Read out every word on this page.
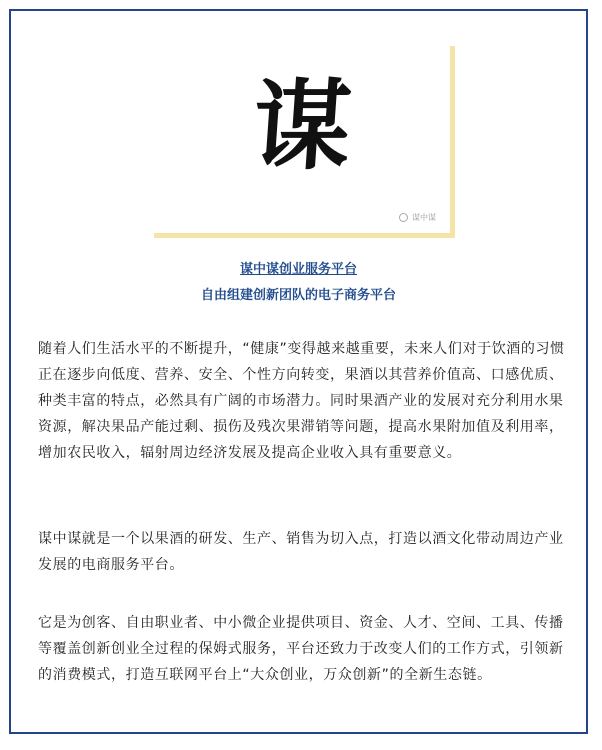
谋
谋中谋
谋中谋创业服务平台
自由组建创新团队的电子商务平台

随着人们生活水平的不断提升，“健康”变得越来越重要，未来人们对于饮酒的习惯正在逐步向低度、营养、安全、个性方向转变，果酒以其营养价值高、口感优质、种类丰富的特点，必然具有广阔的市场潜力。同时果酒产业的发展对充分利用水果资源，解决果品产能过剩、损伤及残次果滞销等问题，提高水果附加值及利用率，增加农民收入，辐射周边经济发展及提高企业收入具有重要意义。

谋中谋就是一个以果酒的研发、生产、销售为切入点，打造以酒文化带动周边产业发展的电商服务平台。

它是为创客、自由职业者、中小微企业提供项目、资金、人才、空间、工具、传播等覆盖创新创业全过程的保姆式服务，平台还致力于改变人们的工作方式，引领新的消费模式，打造互联网平台上“大众创业，万众创新”的全新生态链。
